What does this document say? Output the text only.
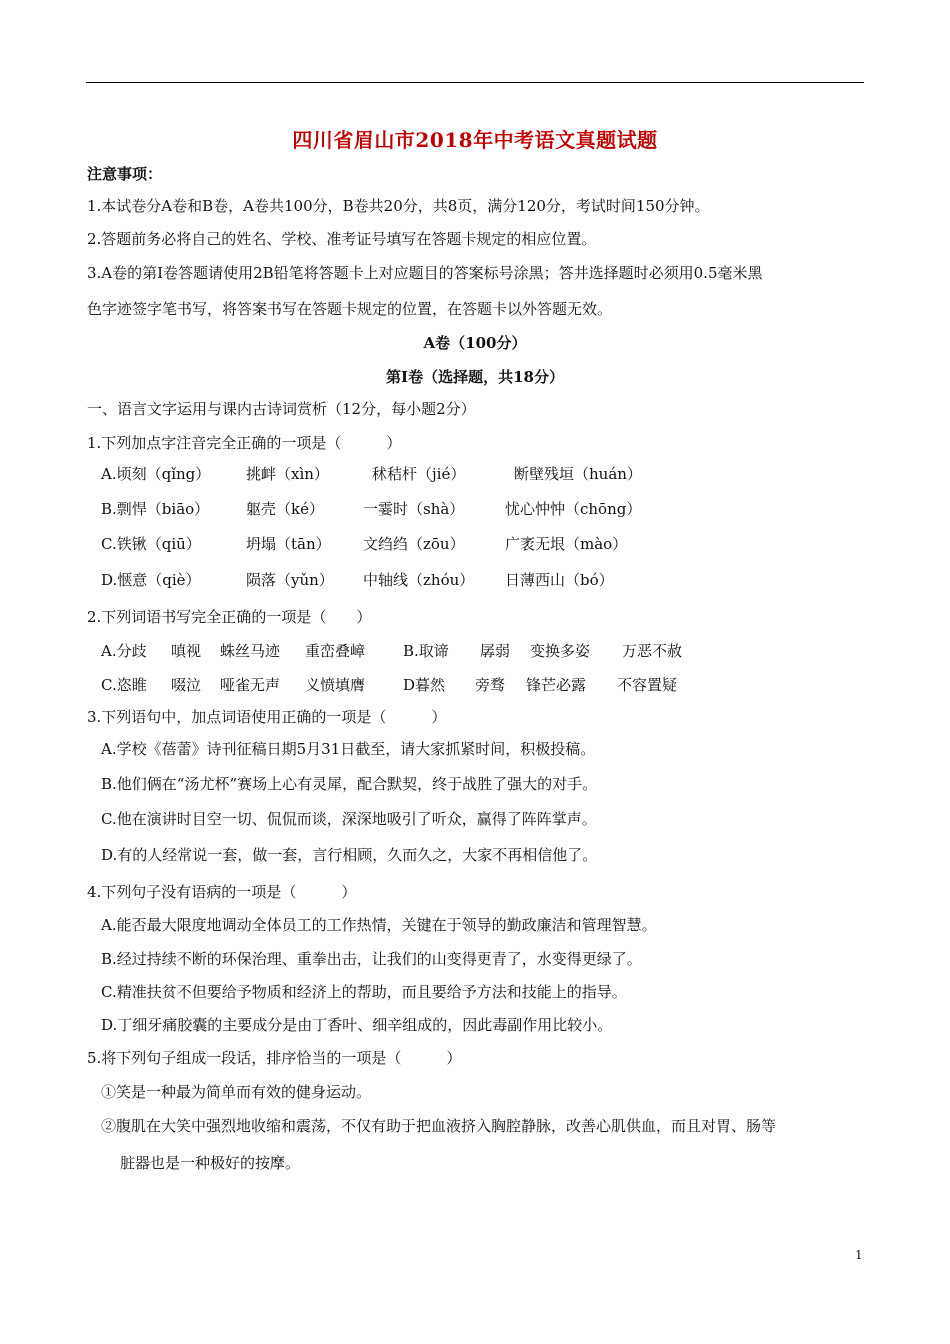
四川省眉山市2018年中考语文真题试题
注意事项：
1.本试卷分A卷和B卷，A卷共100分，B卷共20分，共8页，满分120分，考试时间150分钟。
2.答题前务必将自己的姓名、学校、准考证号填写在答题卡规定的相应位置。
3.A卷的第Ⅰ卷答题请使用2B铅笔将答题卡上对应题目的答案标号涂黑；答井选择题时必须用0.5毫米黑
色字迹签字笔书写，将答案书写在答题卡规定的位置，在答题卡以外答题无效。
A卷（100分）
第Ⅰ卷（选择题，共18分）
一、语言文字运用与课内古诗词赏析（12分，每小题2分）
1.下列加点字注音完全正确的一项是（　　　）
A.顷刻（qǐng） 挑衅（xìn）	秫秸杆（jié）	断壁残垣（huán）
B.剽悍（biāo） 躯壳（ké）	一霎时（shà）	忧心忡忡（chōng）
C.铁锹（qiū）	坍塌（tān） 文绉绉（zōu）	广袤无垠（mào）
D.惬意（qiè）	陨落（yǔn） 中轴线（zhóu） 日薄西山（bó）
2.下列词语书写完全正确的一项是（　　）
A.分歧 嗔视 蛛丝马迹 重峦叠嶂	B.取谛 孱弱 变换多姿 万恶不赦
C.恣睢 啜泣 哑雀无声 义愤填膺	D暮然 旁骛 锋芒必露 不容置疑
3.下列语句中，加点词语使用正确的一项是（　　　）
A.学校《蓓蕾》诗刊征稿日期5月31日截至，请大家抓紧时间，积极投稿。
B.他们俩在“汤尤杯”赛场上心有灵犀，配合默契，终于战胜了强大的对手。
C.他在演讲时目空一切、侃侃而谈，深深地吸引了听众，赢得了阵阵掌声。
D.有的人经常说一套，做一套，言行相顾，久而久之，大家不再相信他了。
4.下列句子没有语病的一项是（　　　）
A.能否最大限度地调动全体员工的工作热情，关键在于领导的勤政廉洁和管理智慧。
B.经过持续不断的环保治理、重拳出击，让我们的山变得更青了，水变得更绿了。
C.精准扶贫不但要给予物质和经济上的帮助，而且要给予方法和技能上的指导。
D.丁细牙痛胶囊的主要成分是由丁香叶、细辛组成的，因此毒副作用比较小。
5.将下列句子组成一段话，排序恰当的一项是（　　　）
①笑是一种最为简单而有效的健身运动。
②腹肌在大笑中强烈地收缩和震荡，不仅有助于把血液挤入胸腔静脉，改善心肌供血，而且对胃、肠等
脏器也是一种极好的按摩。
1
